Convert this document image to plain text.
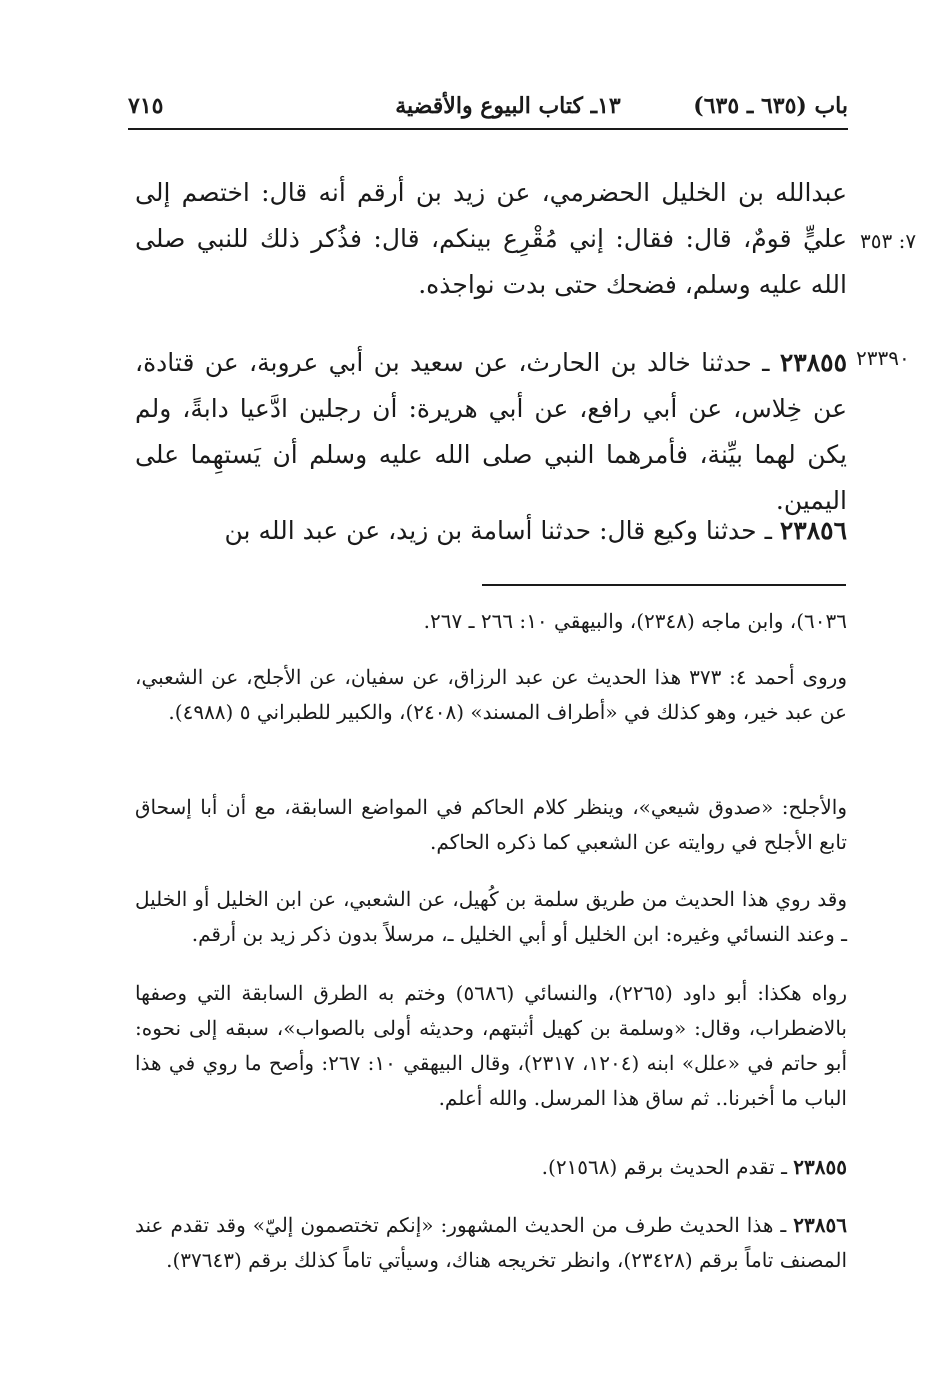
٧١٥	١٣ـ كتاب البيوع والأقضية	باب (٦٣٥ ـ ٦٣٥)
٧: ٣٥٣
٢٣٣٩٠

عبدالله بن الخليل الحضرمي، عن زيد بن أرقم أنه قال: اختصم إلى عليٍّ قومٌ، قال: فقال: إني مُقْرِع بينكم، قال: فذُكر ذلك للنبي صلى الله عليه وسلم، فضحك حتى بدت نواجذه.

٢٣٨٥٥ ـ حدثنا خالد بن الحارث، عن سعيد بن أبي عروبة، عن قتادة، عن خِلاس، عن أبي رافع، عن أبي هريرة: أن رجلين ادَّعيا دابةً، ولم يكن لهما بيِّنة، فأمرهما النبي صلى الله عليه وسلم أن يَستهِما على اليمين.

٢٣٨٥٦ ـ حدثنا وكيع قال: حدثنا أسامة بن زيد، عن عبد الله بن

٦٠٣٦)، وابن ماجه (٢٣٤٨)، والبيهقي ١٠: ٢٦٦ ـ ٢٦٧.

وروى أحمد ٤: ٣٧٣ هذا الحديث عن عبد الرزاق، عن سفيان، عن الأجلح، عن الشعبي، عن عبد خير، وهو كذلك في «أطراف المسند» (٢٤٠٨)، والكبير للطبراني ٥ (٤٩٨٨).

والأجلح: «صدوق شيعي»، وينظر كلام الحاكم في المواضع السابقة، مع أن أبا إسحاق تابع الأجلح في روايته عن الشعبي كما ذكره الحاكم.

وقد روي هذا الحديث من طريق سلمة بن كُهيل، عن الشعبي، عن ابن الخليل أو الخليل ـ وعند النسائي وغيره: ابن الخليل أو أبي الخليل ـ، مرسلاً بدون ذكر زيد بن أرقم.

رواه هكذا: أبو داود (٢٢٦٥)، والنسائي (٥٦٨٦) وختم به الطرق السابقة التي وصفها بالاضطراب، وقال: «وسلمة بن كهيل أثبتهم، وحديثه أولى بالصواب»، سبقه إلى نحوه: أبو حاتم في «علل» ابنه (١٢٠٤، ٢٣١٧)، وقال البيهقي ١٠: ٢٦٧: وأصح ما روي في هذا الباب ما أخبرنا.. ثم ساق هذا المرسل. والله أعلم.

٢٣٨٥٥ ـ تقدم الحديث برقم (٢١٥٦٨).

٢٣٨٥٦ ـ هذا الحديث طرف من الحديث المشهور: «إنكم تختصمون إليّ» وقد تقدم عند المصنف تاماً برقم (٢٣٤٢٨)، وانظر تخريجه هناك، وسيأتي تاماً كذلك برقم (٣٧٦٤٣).
